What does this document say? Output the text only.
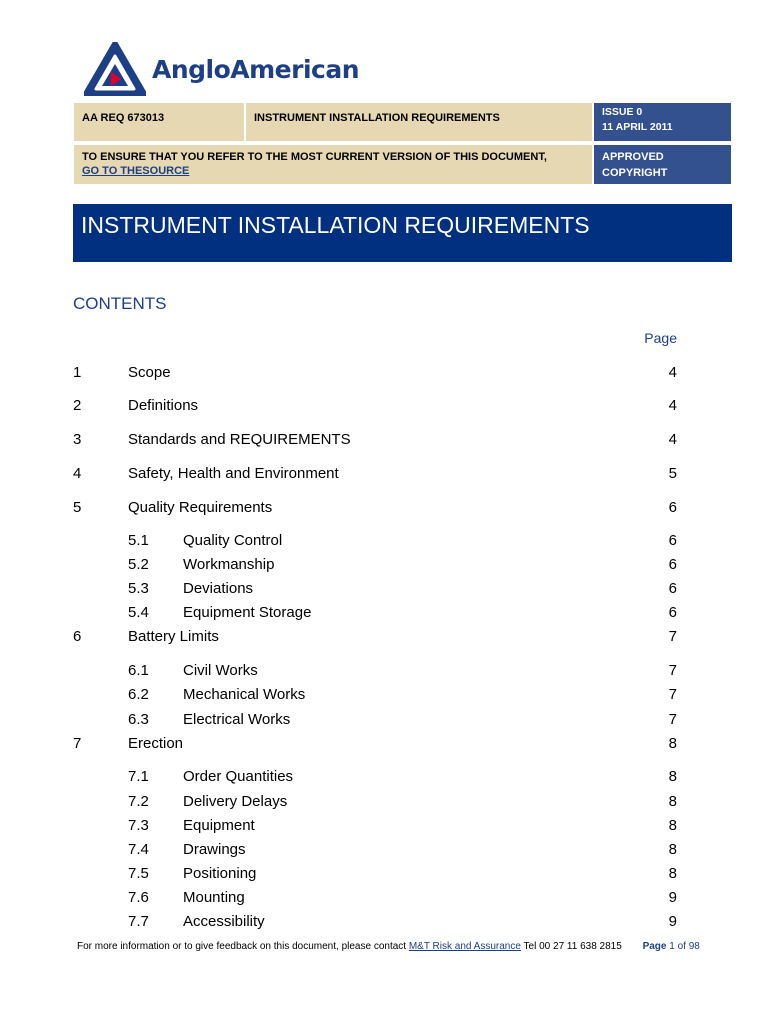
AngloAmerican
AA REQ 673013	INSTRUMENT INSTALLATION REQUIREMENTS	ISSUE 0
11 APRIL 2011
TO ENSURE THAT YOU REFER TO THE MOST CURRENT VERSION OF THIS DOCUMENT,
GO TO THESOURCE
APPROVED
COPYRIGHT
INSTRUMENT INSTALLATION REQUIREMENTS
CONTENTS
Page
1	Scope	4
2	Definitions	4
3	Standards and REQUIREMENTS	4
4	Safety, Health and Environment	5
5	Quality Requirements	6
5.1 Quality Control	6
5.2 Workmanship	6
5.3 Deviations	6
5.4 Equipment Storage	6
6	Battery Limits	7
6.1 Civil Works	7
6.2 Mechanical Works	7
6.3 Electrical Works	7
7	Erection	8
7.1 Order Quantities	8
7.2 Delivery Delays	8
7.3 Equipment	8
7.4 Drawings	8
7.5 Positioning	8
7.6 Mounting	9
7.7 Accessibility	9
For more information or to give feedback on this document, please contact M&T Risk and Assurance Tel 00 27 11 638 2815 Page 1 of 98
